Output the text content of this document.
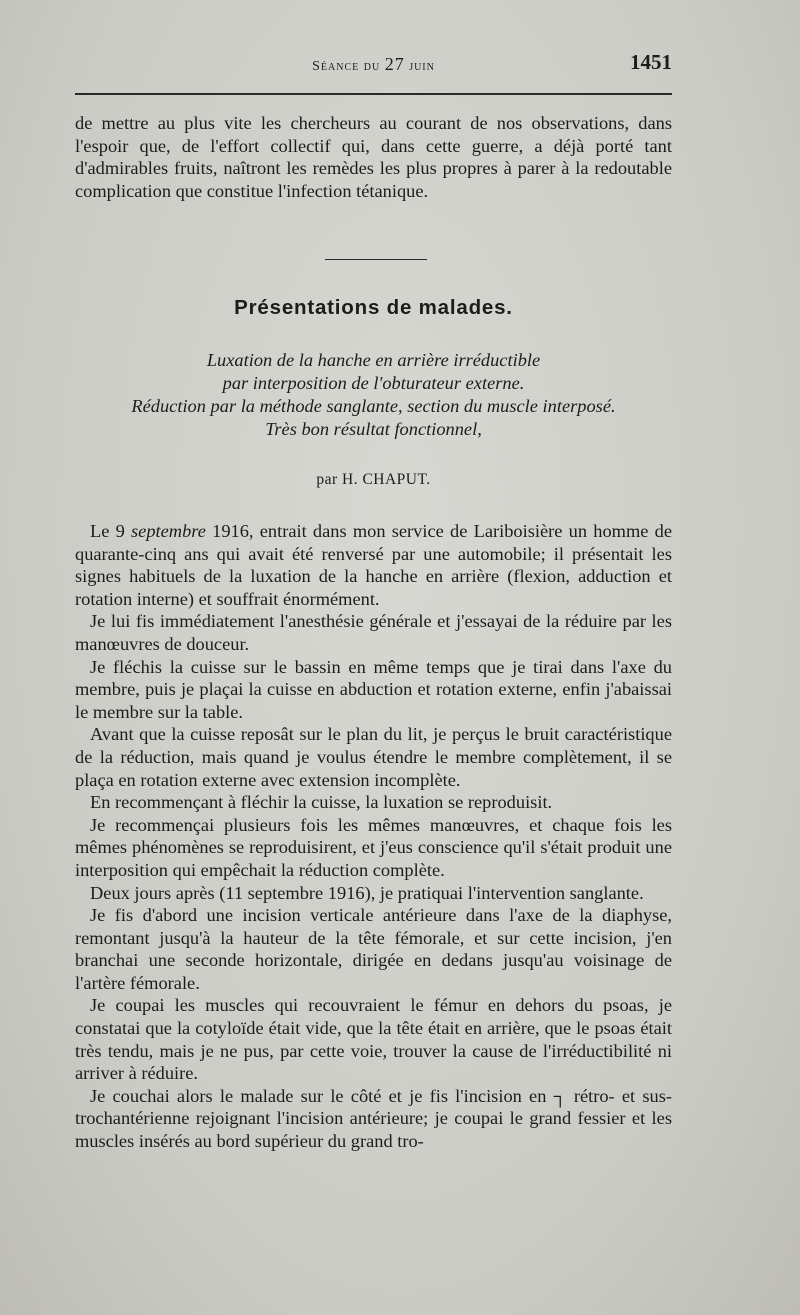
Séance du 27 juin	1451

de mettre au plus vite les chercheurs au courant de nos observations, dans l'espoir que, de l'effort collectif qui, dans cette guerre, a déjà porté tant d'admirables fruits, naîtront les remèdes les plus propres à parer à la redoutable complication que constitue l'infection tétanique.

Présentations de malades.
Luxation de la hanche en arrière irréductible
par interposition de l'obturateur externe.
Réduction par la méthode sanglante, section du muscle interposé.
Très bon résultat fonctionnel,
par H. CHAPUT.

Le 9 septembre 1916, entrait dans mon service de Lariboisière un homme de quarante-cinq ans qui avait été renversé par une automobile; il présentait les signes habituels de la luxation de la hanche en arrière (flexion, adduction et rotation interne) et souffrait énormément.

Je lui fis immédiatement l'anesthésie générale et j'essayai de la réduire par les manœuvres de douceur.

Je fléchis la cuisse sur le bassin en même temps que je tirai dans l'axe du membre, puis je plaçai la cuisse en abduction et rotation externe, enfin j'abaissai le membre sur la table.

Avant que la cuisse reposât sur le plan du lit, je perçus le bruit caractéristique de la réduction, mais quand je voulus étendre le membre complètement, il se plaça en rotation externe avec extension incomplète.

En recommençant à fléchir la cuisse, la luxation se reproduisit.

Je recommençai plusieurs fois les mêmes manœuvres, et chaque fois les mêmes phénomènes se reproduisirent, et j'eus conscience qu'il s'était produit une interposition qui empêchait la réduction complète.

Deux jours après (11 septembre 1916), je pratiquai l'intervention sanglante.

Je fis d'abord une incision verticale antérieure dans l'axe de la diaphyse, remontant jusqu'à la hauteur de la tête fémorale, et sur cette incision, j'en branchai une seconde horizontale, dirigée en dedans jusqu'au voisinage de l'artère fémorale.

Je coupai les muscles qui recouvraient le fémur en dehors du psoas, je constatai que la cotyloïde était vide, que la tête était en arrière, que le psoas était très tendu, mais je ne pus, par cette voie, trouver la cause de l'irréductibilité ni arriver à réduire.

Je couchai alors le malade sur le côté et je fis l'incision en ┐ rétro- et sus-trochantérienne rejoignant l'incision antérieure; je coupai le grand fessier et les muscles insérés au bord supérieur du grand tro-
